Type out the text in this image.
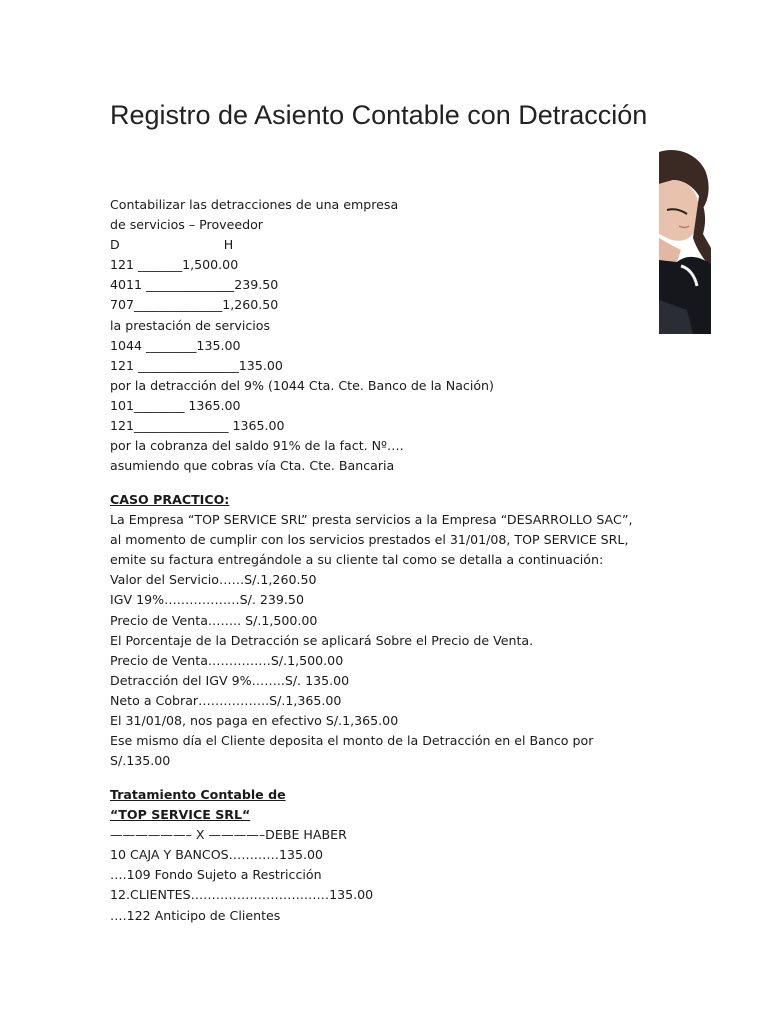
Registro de Asiento Contable con Detracción
Contabilizar las detracciones de una empresa
de servicios – Proveedor
D                          H
121 _______1,500.00
4011 ______________239.50
707______________1,260.50
la prestación de servicios
1044 ________135.00
121 ________________135.00
por la detracción del 9% (1044 Cta. Cte. Banco de la Nación)
101________ 1365.00
121_______________ 1365.00
por la cobranza del saldo 91% de la fact. Nº….
asumiendo que cobras vía Cta. Cte. Bancaria
CASO PRACTICO:
La Empresa “TOP SERVICE SRL” presta servicios a la Empresa “DESARROLLO SAC”,
al momento de cumplir con los servicios prestados el 31/01/08, TOP SERVICE SRL,
emite su factura entregándole a su cliente tal como se detalla a continuación:
Valor del Servicio……S/.1,260.50
IGV 19%………………S/. 239.50
Precio de Venta…….. S/.1,500.00
El Porcentaje de la Detracción se aplicará Sobre el Precio de Venta.
Precio de Venta……………S/.1,500.00
Detracción del IGV 9%……..S/. 135.00
Neto a Cobrar……………..S/.1,365.00
El 31/01/08, nos paga en efectivo S/.1,365.00
Ese mismo día el Cliente deposita el monto de la Detracción en el Banco por
S/.135.00
Tratamiento Contable de
“TOP SERVICE SRL“
——————– X ————–DEBE HABER
10 CAJA Y BANCOS…………135.00
….109 Fondo Sujeto a Restricción
12.CLIENTES……………………………135.00
….122 Anticipo de Clientes
